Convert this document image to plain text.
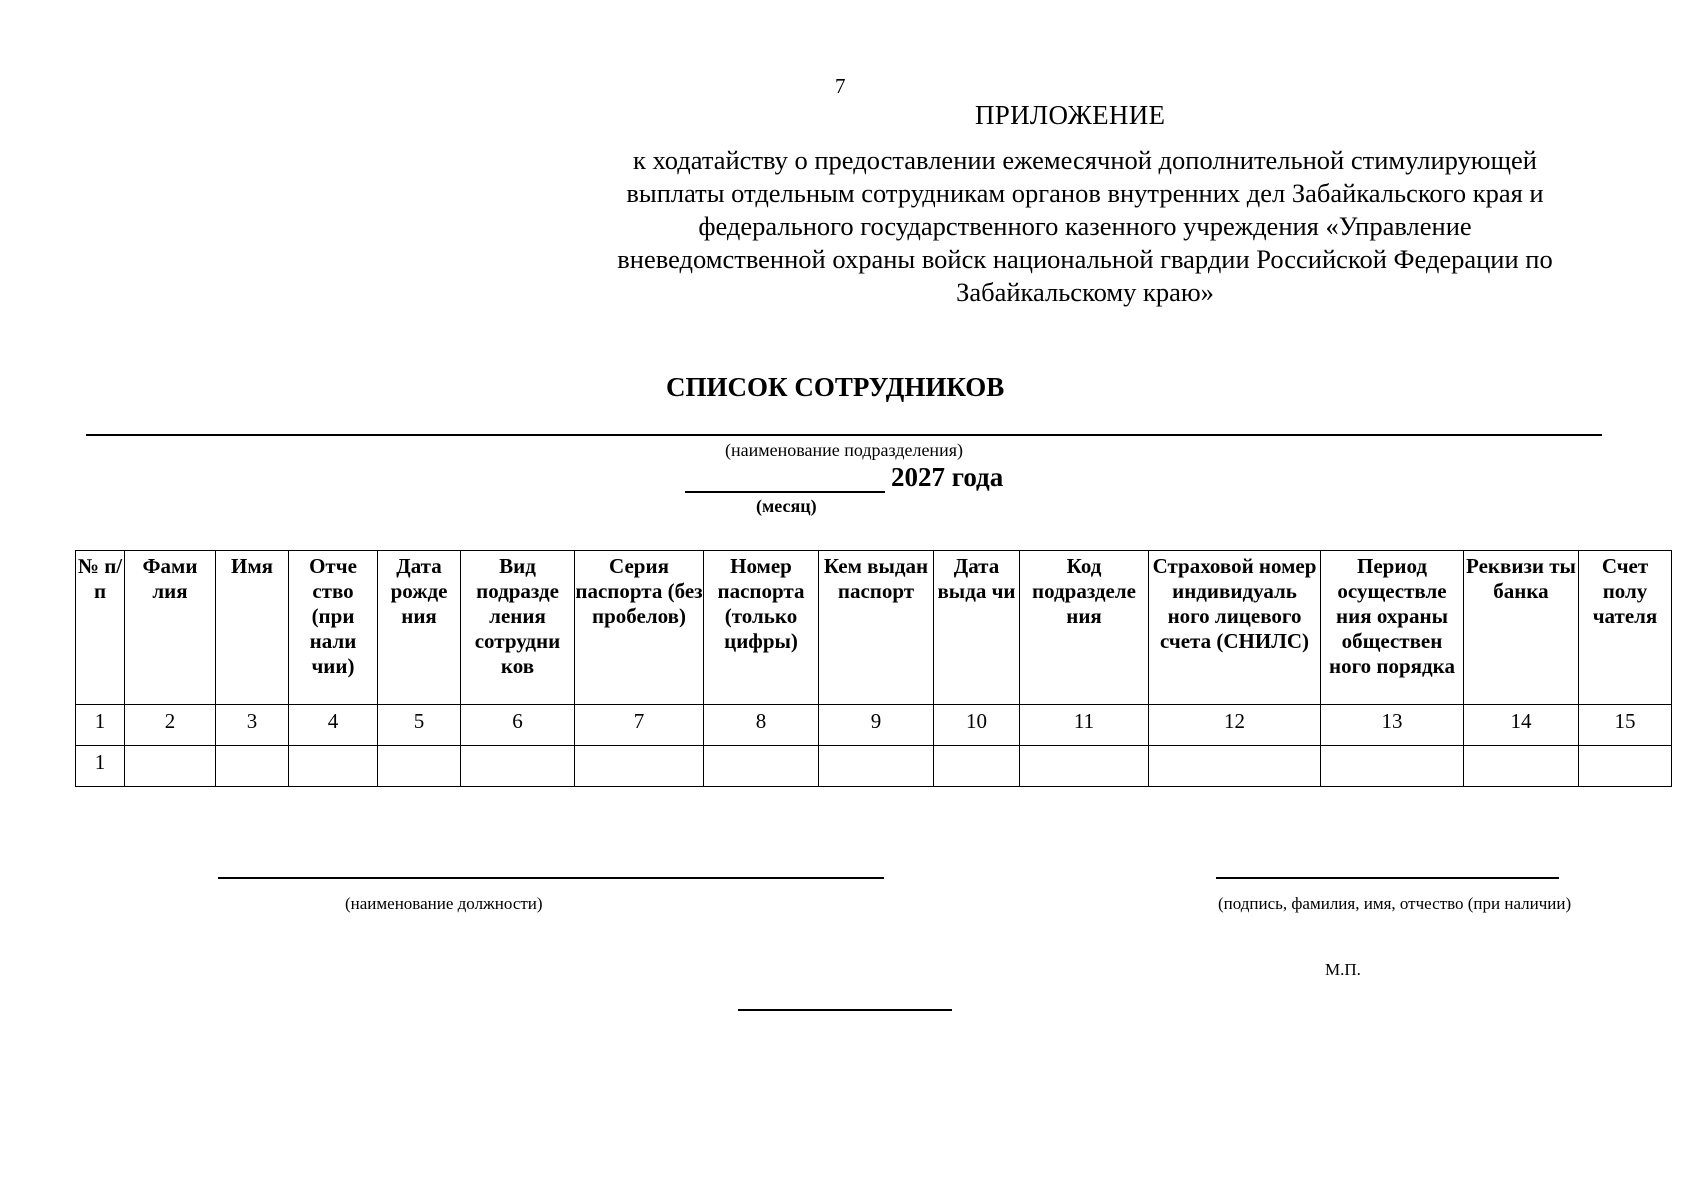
7
ПРИЛОЖЕНИЕ
к ходатайству о предоставлении ежемесячной дополнительной стимулирующей
выплаты отдельным сотрудникам органов внутренних дел Забайкальского края и
федерального государственного казенного учреждения «Управление
вневедомственной охраны войск национальной гвардии Российской Федерации по
Забайкальскому краю»
СПИСОК СОТРУДНИКОВ
(наименование подразделения)
2027 года
(месяц)
№ п/ п	Фами лия	Имя	Отче ство (при нали чии)	Дата рожде ния	Вид подразде ления сотрудни ков	Серия паспорта (без пробелов)	Номер паспорта (только цифры)	Кем выдан паспорт	Дата выда чи	Код подразделе ния	Страховой номер индивидуаль ного лицевого счета (СНИЛС)	Период осуществле ния охраны обществен ного порядка	Реквизи ты банка	Счет полу чателя
1	2	3	4	5	6	7	8	9	10	11	12	13	14	15
1														
(наименование должности)	(подпись, фамилия, имя, отчество (при наличии)
М.П.
